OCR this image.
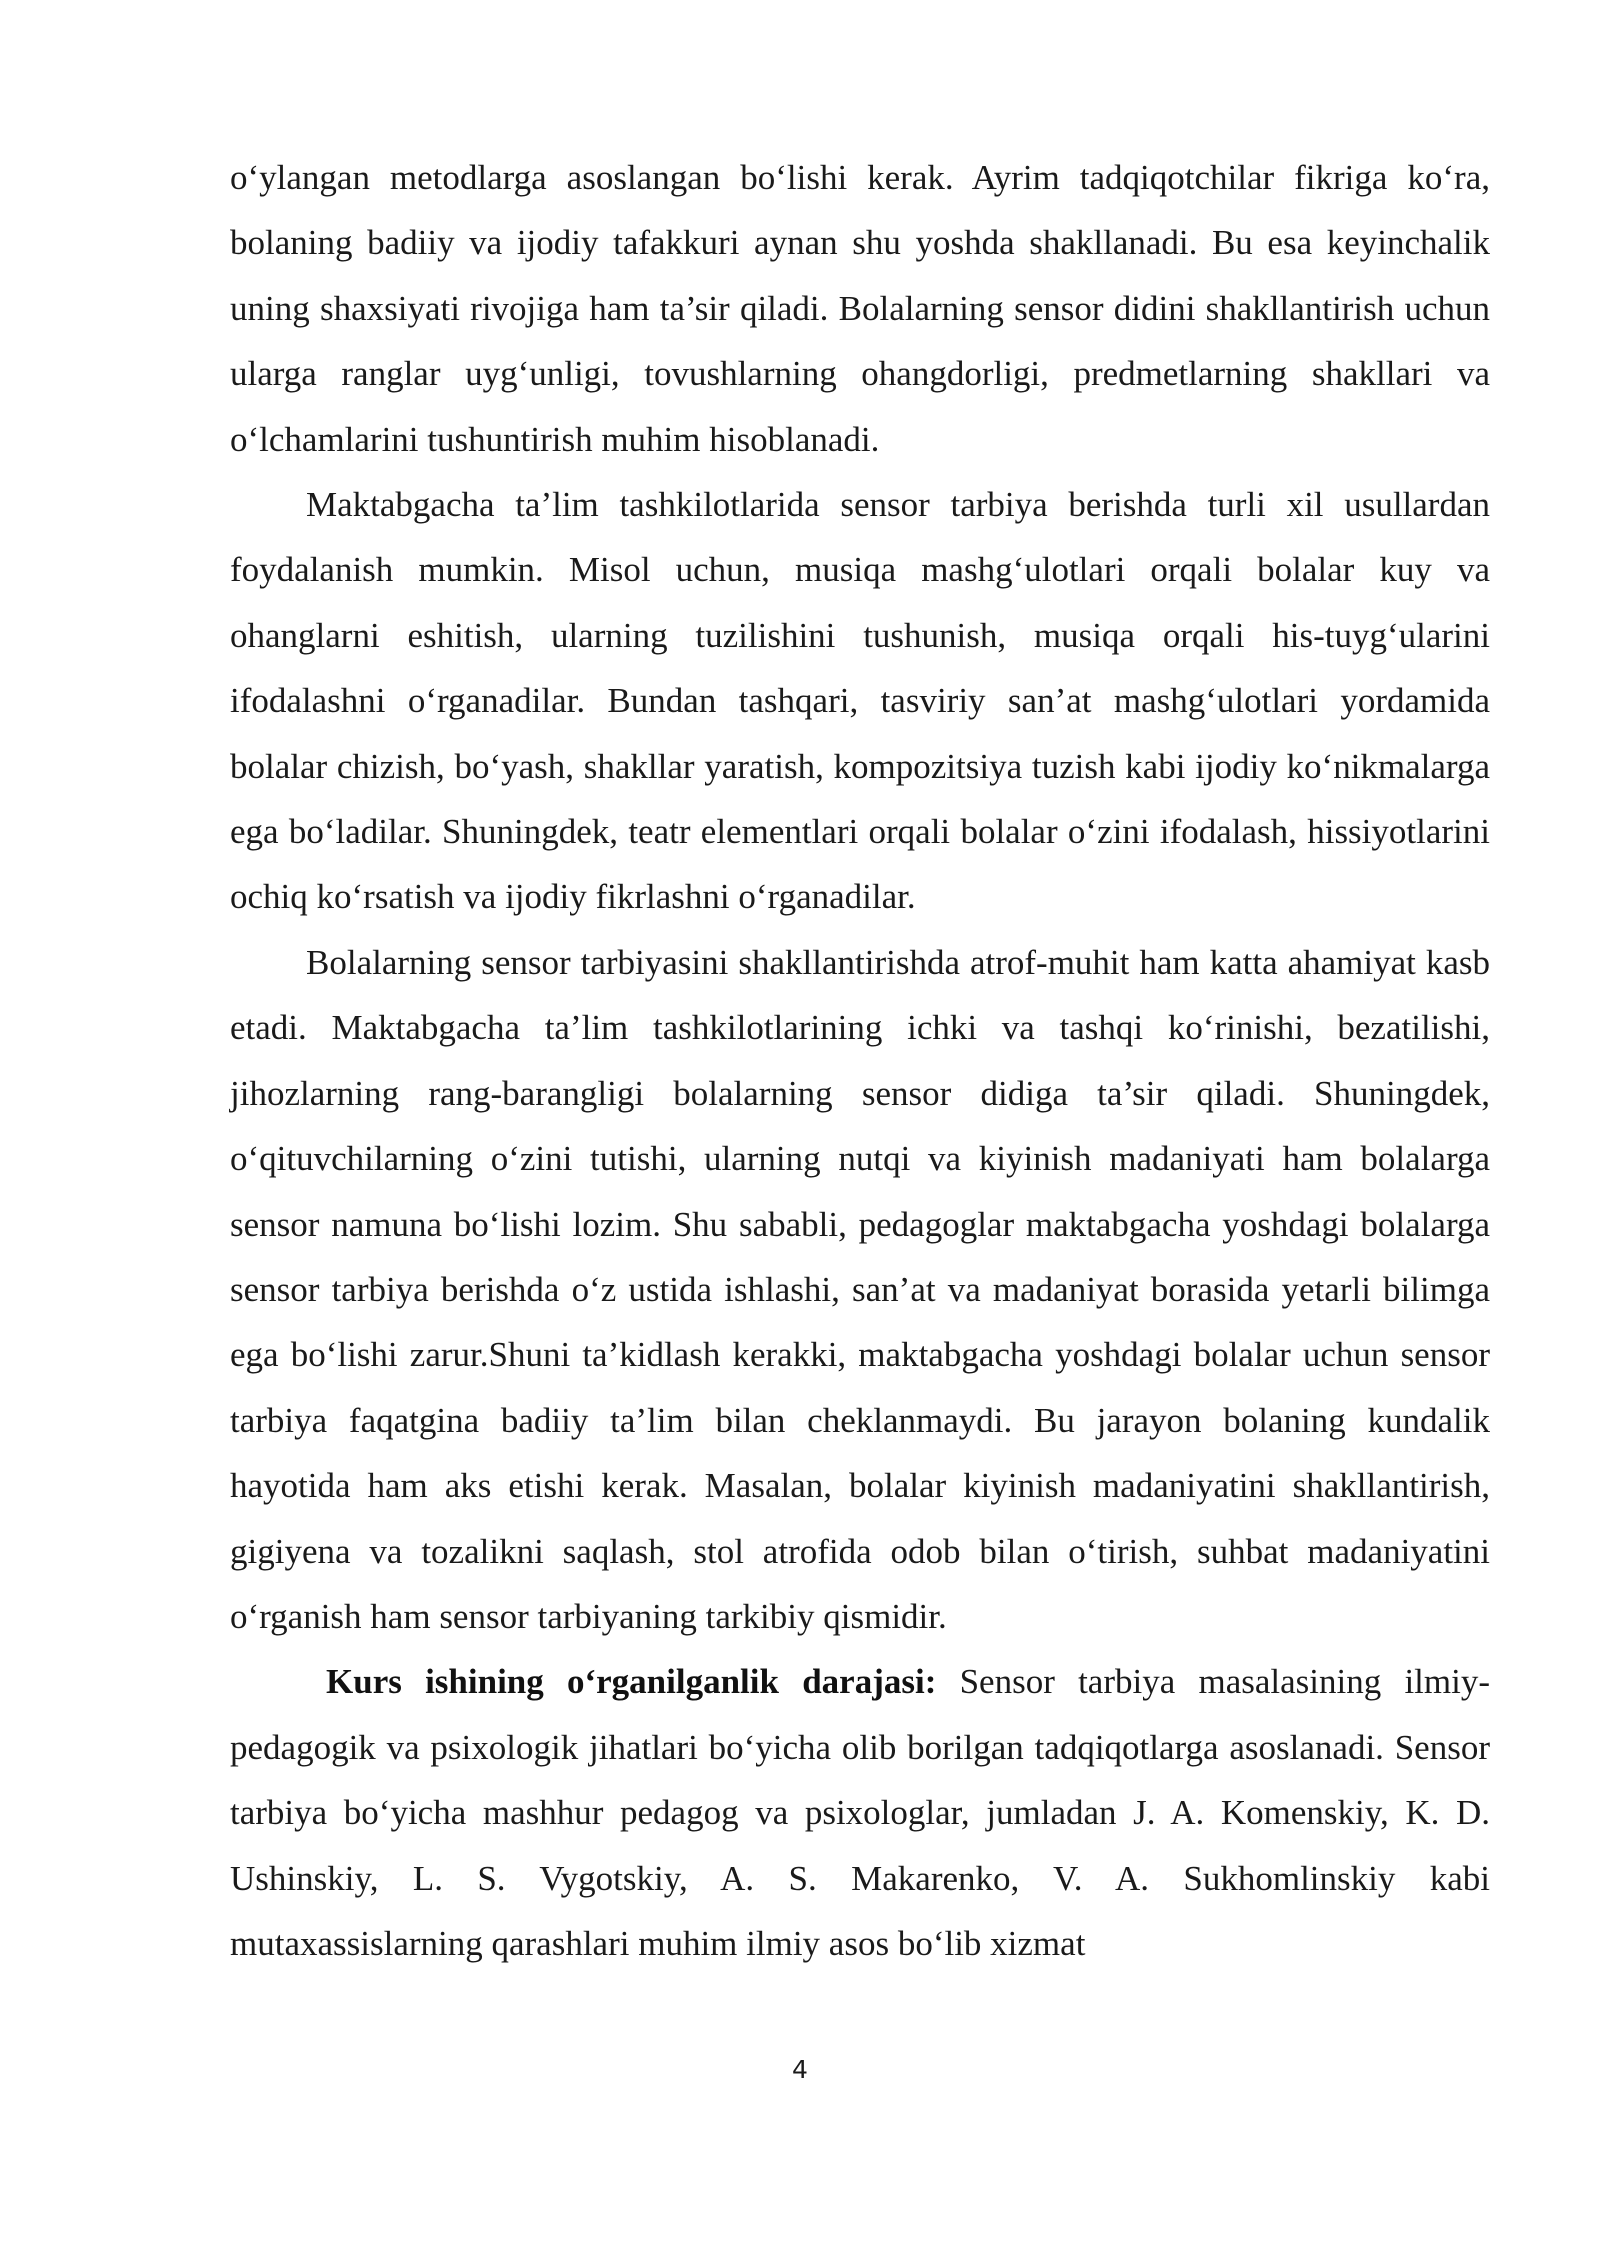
o‘ylangan metodlarga asoslangan bo‘lishi kerak. Ayrim tadqiqotchilar fikriga ko‘ra, bolaning badiiy va ijodiy tafakkuri aynan shu yoshda shakllanadi. Bu esa keyinchalik uning shaxsiyati rivojiga ham ta’sir qiladi. Bolalarning sensor didini shakllantirish uchun ularga ranglar uyg‘unligi, tovushlarning ohangdorligi, predmetlarning shakllari va o‘lchamlarini tushuntirish muhim hisoblanadi.

Maktabgacha ta’lim tashkilotlarida sensor tarbiya berishda turli xil usullardan foydalanish mumkin. Misol uchun, musiqa mashg‘ulotlari orqali bolalar kuy va ohanglarni eshitish, ularning tuzilishini tushunish, musiqa orqali his-tuyg‘ularini ifodalashni o‘rganadilar. Bundan tashqari, tasviriy san’at mashg‘ulotlari yordamida bolalar chizish, bo‘yash, shakllar yaratish, kompozitsiya tuzish kabi ijodiy ko‘nikmalarga ega bo‘ladilar. Shuningdek, teatr elementlari orqali bolalar o‘zini ifodalash, hissiyotlarini ochiq ko‘rsatish va ijodiy fikrlashni o‘rganadilar.

Bolalarning sensor tarbiyasini shakllantirishda atrof-muhit ham katta ahamiyat kasb etadi. Maktabgacha ta’lim tashkilotlarining ichki va tashqi ko‘rinishi, bezatilishi, jihozlarning rang-barangligi bolalarning sensor didiga ta’sir qiladi. Shuningdek, o‘qituvchilarning o‘zini tutishi, ularning nutqi va kiyinish madaniyati ham bolalarga sensor namuna bo‘lishi lozim. Shu sababli, pedagoglar maktabgacha yoshdagi bolalarga sensor tarbiya berishda o‘z ustida ishlashi, san’at va madaniyat borasida yetarli bilimga ega bo‘lishi zarur.Shuni ta’kidlash kerakki, maktabgacha yoshdagi bolalar uchun sensor tarbiya faqatgina badiiy ta’lim bilan cheklanmaydi. Bu jarayon bolaning kundalik hayotida ham aks etishi kerak. Masalan, bolalar kiyinish madaniyatini shakllantirish, gigiyena va tozalikni saqlash, stol atrofida odob bilan o‘tirish, suhbat madaniyatini o‘rganish ham sensor tarbiyaning tarkibiy qismidir.

Kurs ishining o‘rganilganlik darajasi: Sensor tarbiya masalasining ilmiy-pedagogik va psixologik jihatlari bo‘yicha olib borilgan tadqiqotlarga asoslanadi. Sensor tarbiya bo‘yicha mashhur pedagog va psixologlar, jumladan J. A. Komenskiy, K. D. Ushinskiy, L. S. Vygotskiy, A. S. Makarenko, V. A. Sukhomlinskiy kabi mutaxassislarning qarashlari muhim ilmiy asos bo‘lib xizmat

4
